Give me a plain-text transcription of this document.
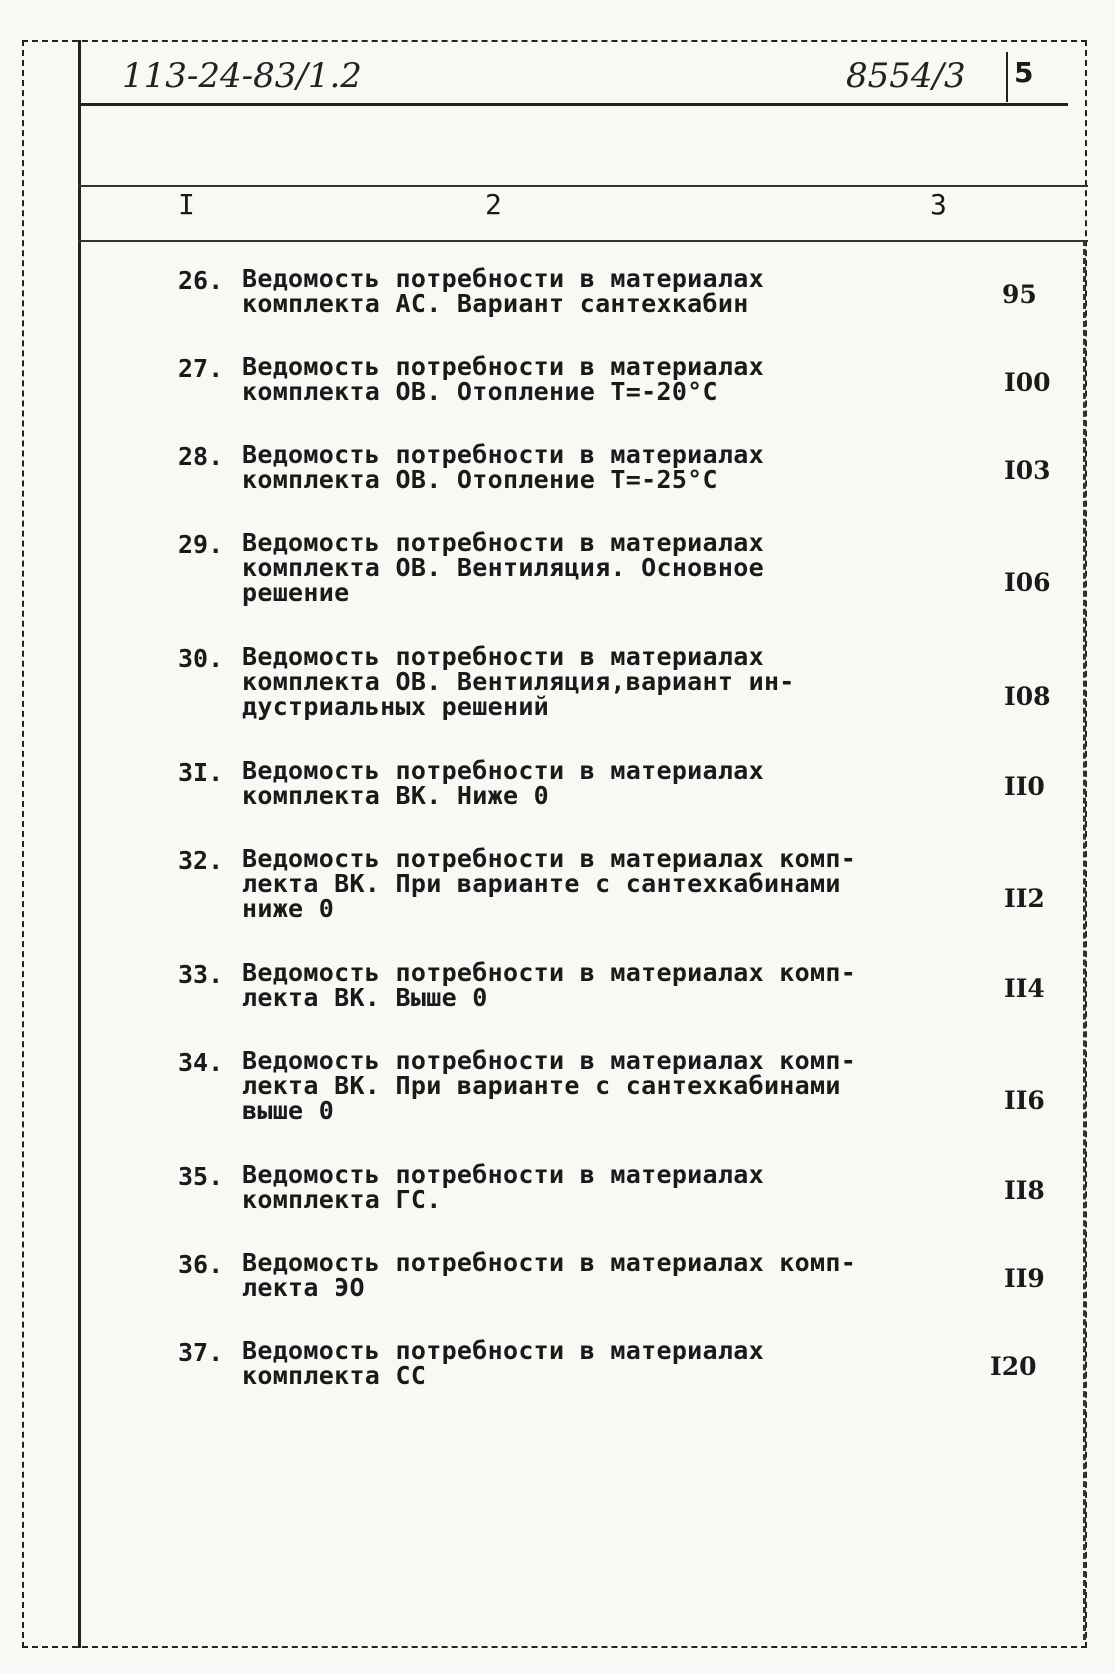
113-24-83/1.2	8554/3 5
I	2	3
26. Ведомость потребности в материалах
комплекта АС. Вариант сантехкабин	95
27. Ведомость потребности в материалах
комплекта ОВ. Отопление Т=-20°С	I00
28. Ведомость потребности в материалах
комплекта ОВ. Отопление Т=-25°С	I03
29. Ведомость потребности в материалах
комплекта ОВ. Вентиляция. Основное
решение	I06
30. Ведомость потребности в материалах
комплекта ОВ. Вентиляция,вариант ин-
дустриальных решений	I08
3I. Ведомость потребности в материалах
комплекта ВК. Ниже 0	II0
32. Ведомость потребности в материалах комп-
лекта ВК. При варианте с сантехкабинами
ниже 0	II2
33. Ведомость потребности в материалах комп-
лекта ВК. Выше 0	II4
34. Ведомость потребности в материалах комп-
лекта ВК. При варианте с сантехкабинами
выше 0	II6
35. Ведомость потребности в материалах
комплекта ГС.	II8
36. Ведомость потребности в материалах комп-
лекта ЭО	II9
37. Ведомость потребности в материалах
комплекта СС	I20
